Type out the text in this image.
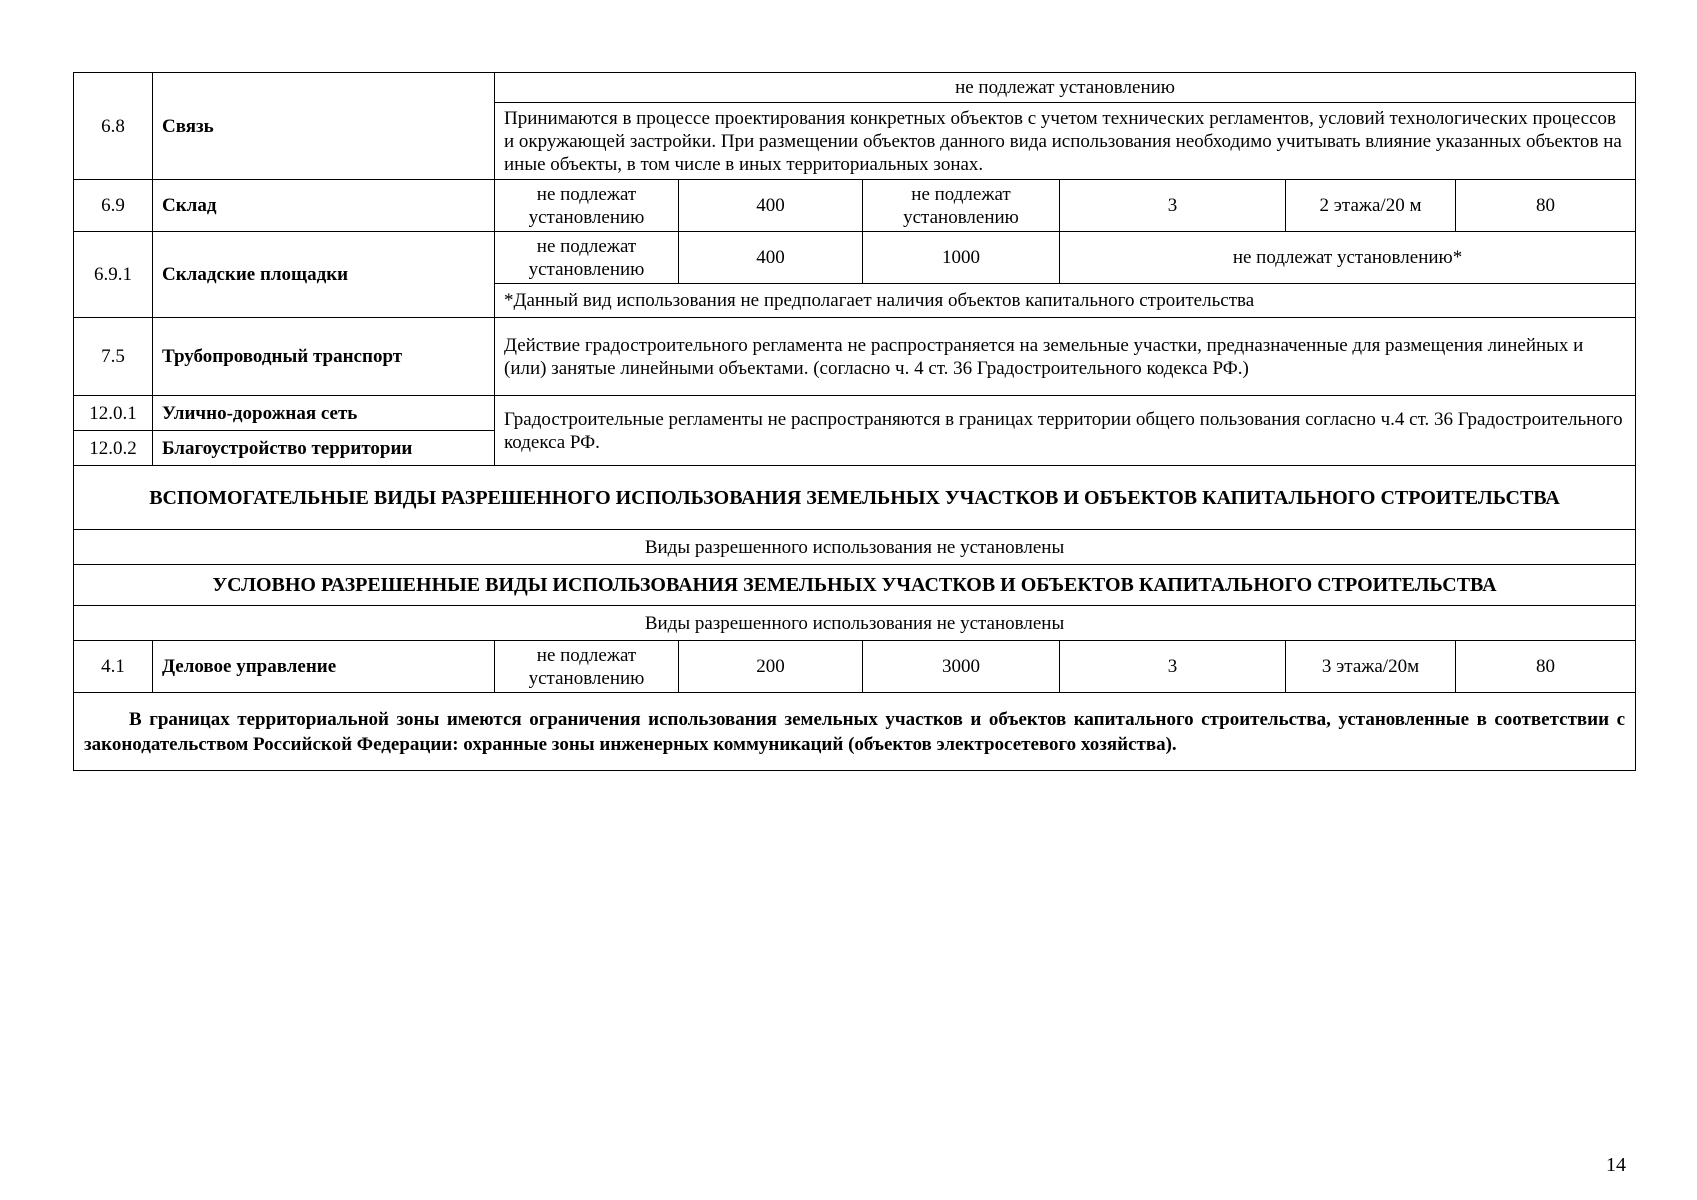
6.8	Связь	не подлежат установлению					
		Принимаются в процессе проектирования конкретных объектов с учетом технических регламентов, условий технологических процессов и окружающей застройки. При размещении объектов данного вида использования необходимо учитывать влияние указанных объектов на иные объекты, в том числе в иных территориальных зонах.					
6.9	Склад	не подлежат установлению	400	не подлежат установлению	3	2 этажа/20 м	80
6.9.1	Складские площадки	не подлежат установлению	400	1000	не подлежат установлению*		
		*Данный вид использования не предполагает наличия объектов капитального строительства					
7.5	Трубопроводный транспорт	Действие градостроительного регламента не распространяется на земельные участки, предназначенные для размещения линейных и (или) занятые линейными объектами. (согласно ч. 4 ст. 36 Градостроительного кодекса РФ.)					
12.0.1	Улично-дорожная сеть	Градостроительные регламенты не распространяются в границах территории общего пользования согласно ч.4 ст. 36 Градостроительного кодекса РФ.					
12.0.2	Благоустройство территории						
ВСПОМОГАТЕЛЬНЫЕ ВИДЫ РАЗРЕШЕННОГО ИСПОЛЬЗОВАНИЯ ЗЕМЕЛЬНЫХ УЧАСТКОВ И ОБЪЕКТОВ КАПИТАЛЬНОГО СТРОИТЕЛЬСТВА							
Виды разрешенного использования не установлены							
УСЛОВНО РАЗРЕШЕННЫЕ ВИДЫ ИСПОЛЬЗОВАНИЯ ЗЕМЕЛЬНЫХ УЧАСТКОВ И ОБЪЕКТОВ КАПИТАЛЬНОГО СТРОИТЕЛЬСТВА							
Виды разрешенного использования не установлены							
4.1	Деловое управление	не подлежат установлению	200	3000	3	3 этажа/20м	80
В границах территориальной зоны имеются ограничения использования земельных участков и объектов капитального строительства, установленные в соответствии с законодательством Российской Федерации: охранные зоны инженерных коммуникаций (объектов электросетевого хозяйства).							
14
